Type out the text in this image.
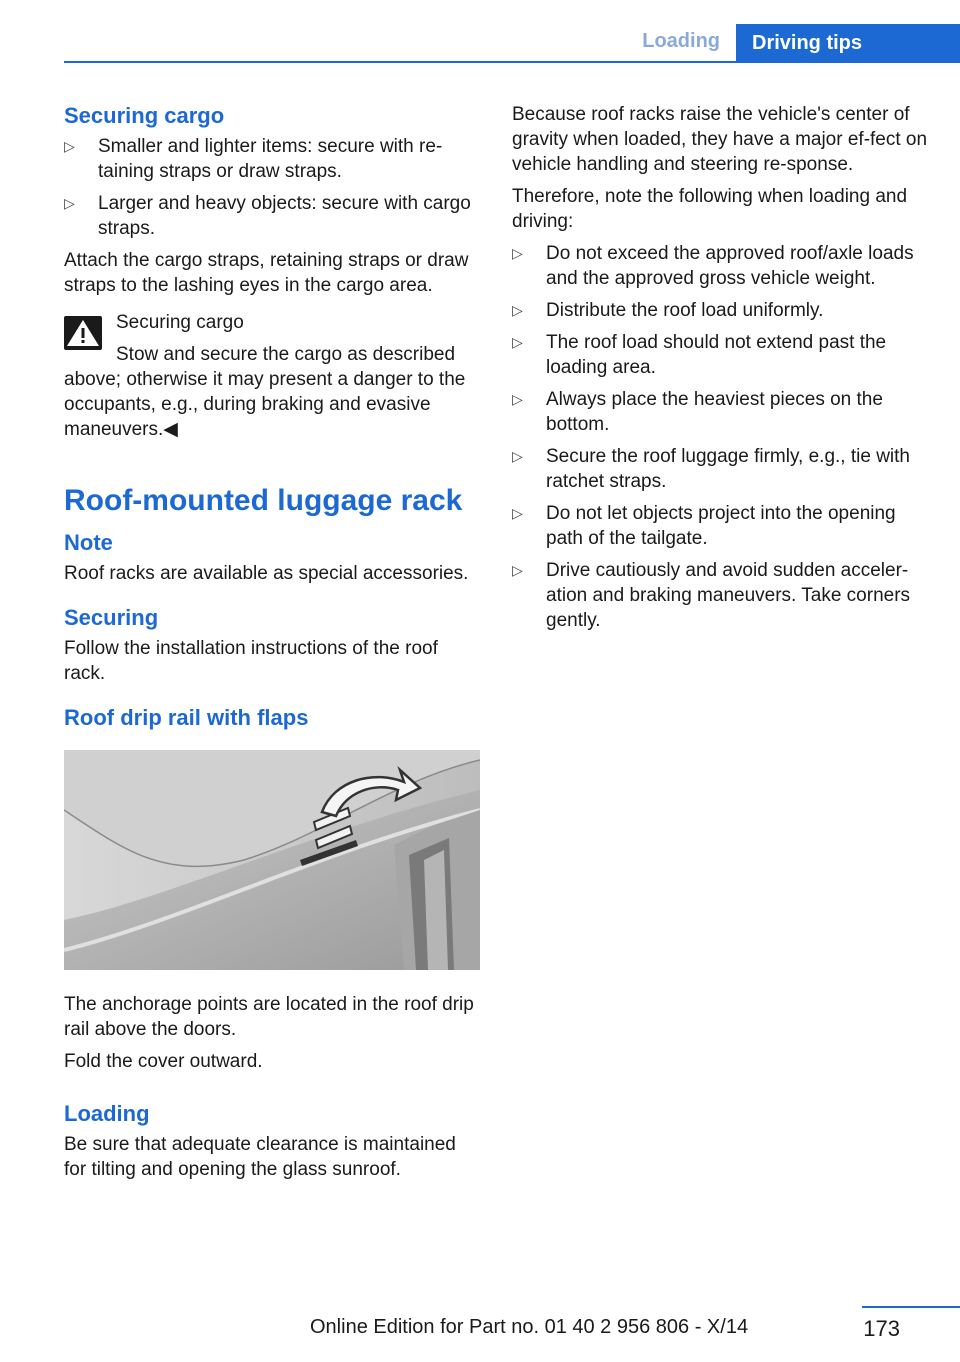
Loading	Driving tips
Securing cargo
▷ Smaller and lighter items: secure with re‐taining straps or draw straps.
▷ Larger and heavy objects: secure with cargo straps.

Attach the cargo straps, retaining straps or draw straps to the lashing eyes in the cargo area.

Securing cargo
Stow and secure the cargo as described

above; otherwise it may present a danger to the occupants, e.g., during braking and evasive maneuvers.◀

Roof-mounted luggage rack
Note

Roof racks are available as special accessories.

Securing

Follow the installation instructions of the roof rack.

Roof drip rail with flaps

The anchorage points are located in the roof drip rail above the doors.

Fold the cover outward.

Loading

Be sure that adequate clearance is maintained for tilting and opening the glass sunroof.

Because roof racks raise the vehicle's center of gravity when loaded, they have a major ef‐fect on vehicle handling and steering re‐sponse.

Therefore, note the following when loading and driving:

▷ Do not exceed the approved roof/axle loads and the approved gross vehicle weight.
▷ Distribute the roof load uniformly.
▷ The roof load should not extend past the loading area.
▷ Always place the heaviest pieces on the bottom.
▷ Secure the roof luggage firmly, e.g., tie with ratchet straps.
▷ Do not let objects project into the opening path of the tailgate.
▷ Drive cautiously and avoid sudden acceler‐ation and braking maneuvers. Take corners gently.
173
Online Edition for Part no. 01 40 2 956 806 - X/14
